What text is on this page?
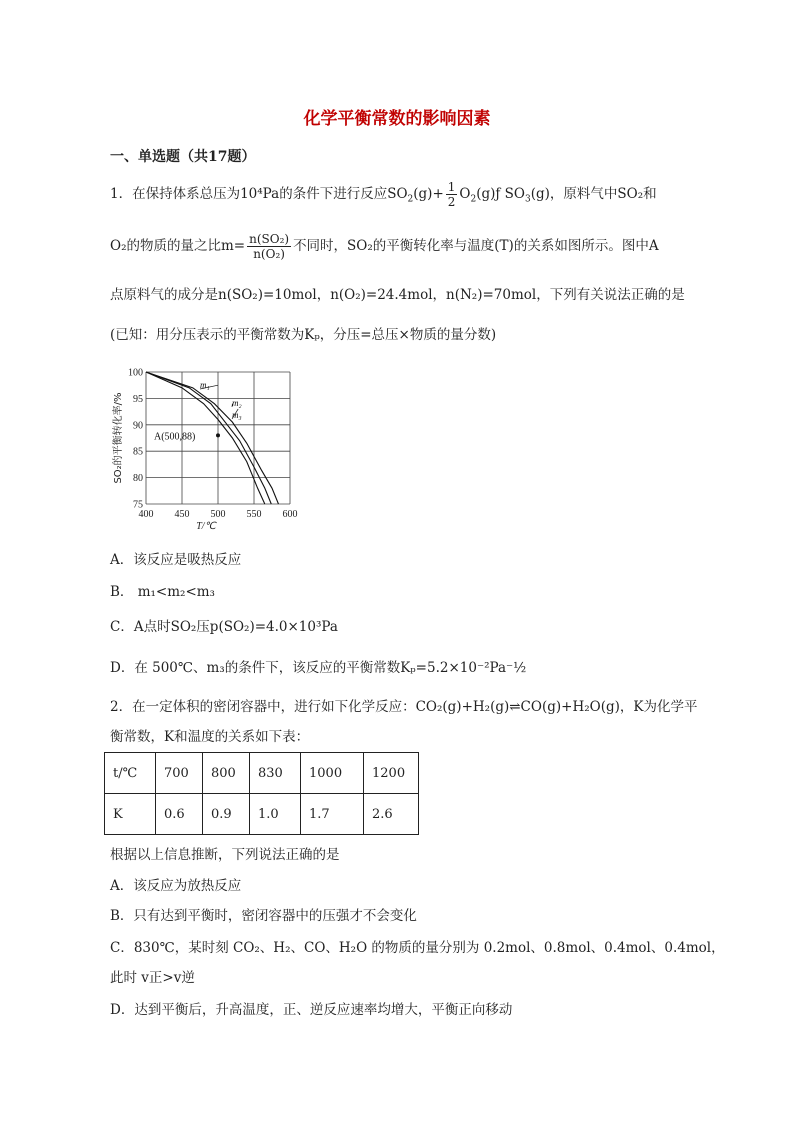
化学平衡常数的影响因素
一、单选题（共17题）
1．在保持体系总压为10⁴Pa的条件下进行反应$SO_2(g)+ \frac{1}{2}$ $O_2(g)ƒ$ $SO_3(g)$，原料气中SO₂和
O₂的物质的量之比$m= \frac{\text{n(SO₂)}}{\text{n(O₂)}}$ 不同时，SO₂的平衡转化率与温度(T)的关系如图所示。图中A
点原料气的成分是n(SO₂)=10mol，n(O₂)=24.4mol，n(N₂)=70mol，下列有关说法正确的是
(已知：用分压表示的平衡常数为Kₚ，分压=总压×物质的量分数)
400 450 500 550 600
75
80
85
90
95
100
T/℃
SO₂的平衡转化率/%
m₁
m₂
m₃
A(500,88)
A．该反应是吸热反应
B． m₁<m₂<m₃
C．A点时SO₂压p(SO₂)=4.0×10³Pa
D．在 500℃、m₃的条件下，该反应的平衡常数Kₚ=5.2×10⁻²Pa⁻½
2．在一定体积的密闭容器中，进行如下化学反应：CO₂(g)+H₂(g)⇌CO(g)+H₂O(g)，K为化学平
衡常数，K和温度的关系如下表：
t/℃	700	800	830	1000	1200
K	0.6	0.9	1.0	1.7	2.6
根据以上信息推断，下列说法正确的是
A．该反应为放热反应
B．只有达到平衡时，密闭容器中的压强才不会变化
C．830℃，某时刻 CO₂、H₂、CO、H₂O 的物质的量分别为 0.2mol、0.8mol、0.4mol、0.4mol，
此时 v正>v逆
D．达到平衡后，升高温度，正、逆反应速率均增大，平衡正向移动
